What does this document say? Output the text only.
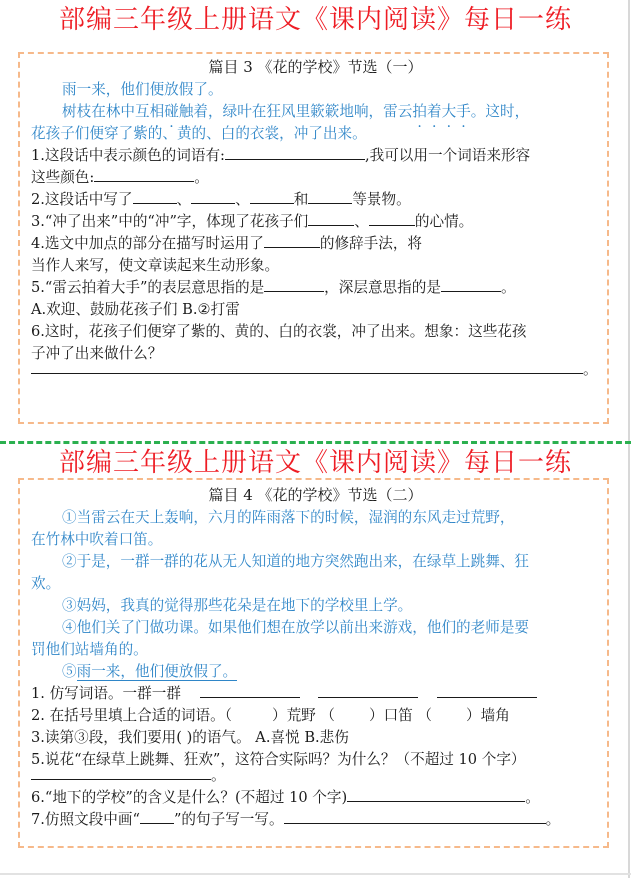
部编三年级上册语文《课内阅读》每日一练
篇目 3 《花的学校》节选（一）
雨一来，他们便放假了。
树枝在林中互相碰触着，绿叶在狂风里簌簌地响，雷云拍着大手。这时，
花孩子们便穿了紫的、黄的、白的衣裳，冲了出来。
1.这段话中表示颜色的词语有:	,我可以用一个词语来形容
这些颜色:	。
2.这段话中写了	、	、	和	等景物。
3.“冲了出来”中的“冲”字，体现了花孩子们	、	的心情。
4.选文中加点的部分在描写时运用了	的修辞手法，将
当作人来写，使文章读起来生动形象。
5.“雷云拍着大手”的表层意思指的是	，深层意思指的是	。
A.欢迎、鼓励花孩子们 B.②打雷
6.这时，花孩子们便穿了紫的、黄的、白的衣裳，冲了出来。想象：这些花孩
子冲了出来做什么？
。
部编三年级上册语文《课内阅读》每日一练
篇目 4 《花的学校》节选（二）
①当雷云在天上轰响，六月的阵雨落下的时候，湿润的东风走过荒野，
在竹林中吹着口笛。
②于是，一群一群的花从无人知道的地方突然跑出来，在绿草上跳舞、狂
欢。
③妈妈，我真的觉得那些花朵是在地下的学校里上学。
④他们关了门做功课。如果他们想在放学以前出来游戏，他们的老师是要
罚他们站墙角的。
⑤雨一来，他们便放假了。
1. 仿写词语。一群一群
2. 在括号里填上合适的词语。（	）荒野 （ ）口笛 （ ）墙角
3.读第③段，我们要用( )的语气。 A.喜悦 B.悲伤
5.说花“在绿草上跳舞、狂欢”，这符合实际吗？为什么？（不超过 10 个字）
。
6.“地下的学校”的含义是什么？(不超过 10 个字)	。
7.仿照文段中画“ ”的句子写一写。	。
